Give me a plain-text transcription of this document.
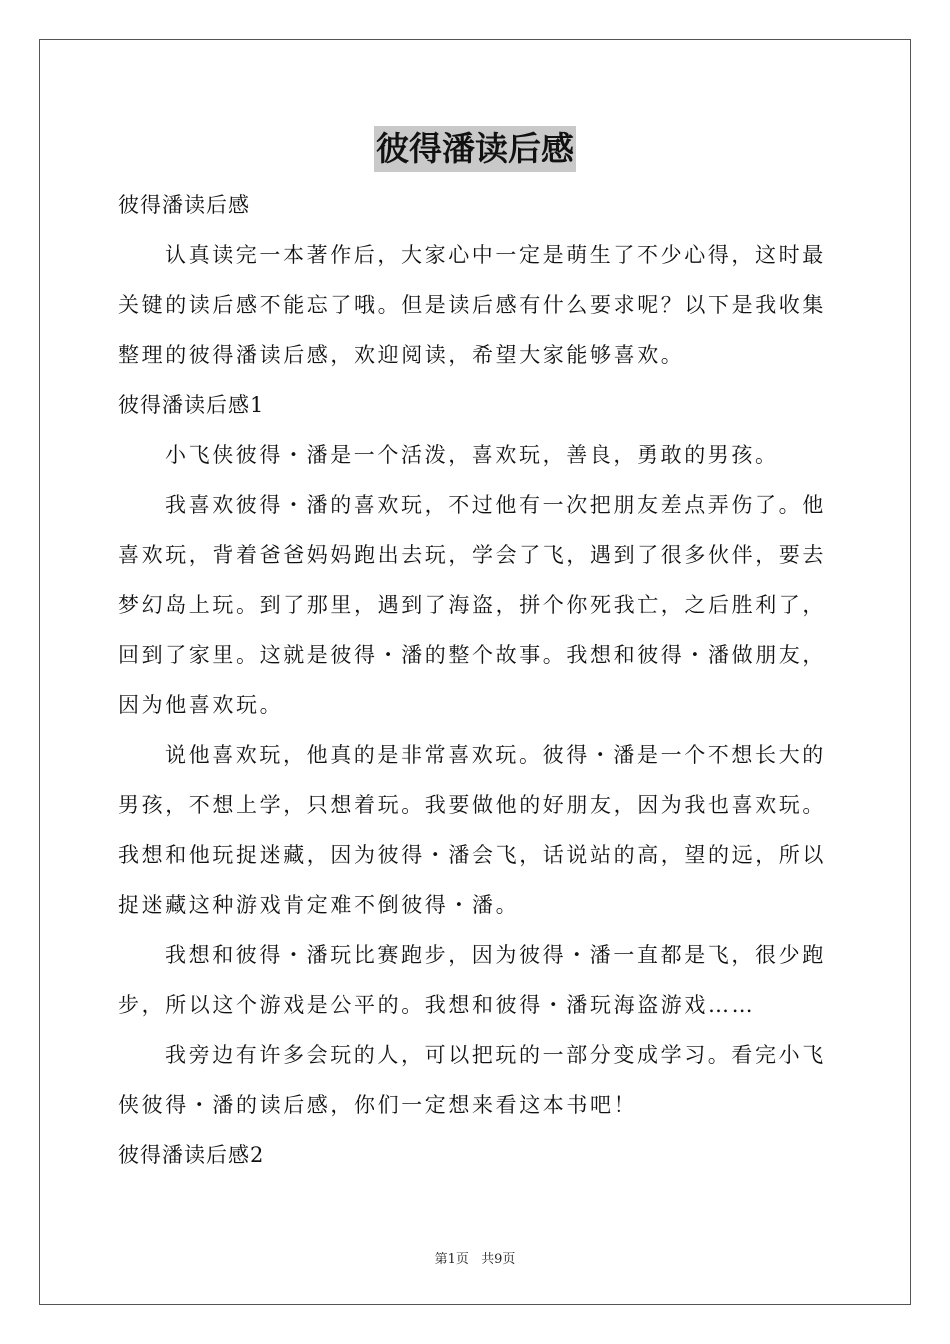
彼得潘读后感
彼得潘读后感
认真读完一本著作后，大家心中一定是萌生了不少心得，这时最
关键的读后感不能忘了哦。但是读后感有什么要求呢？以下是我收集
整理的彼得潘读后感，欢迎阅读，希望大家能够喜欢。
彼得潘读后感1
小飞侠彼得・潘是一个活泼，喜欢玩，善良，勇敢的男孩。
我喜欢彼得・潘的喜欢玩，不过他有一次把朋友差点弄伤了。他
喜欢玩，背着爸爸妈妈跑出去玩，学会了飞，遇到了很多伙伴，要去
梦幻岛上玩。到了那里，遇到了海盗，拼个你死我亡，之后胜利了，
回到了家里。这就是彼得・潘的整个故事。我想和彼得・潘做朋友，
因为他喜欢玩。
说他喜欢玩，他真的是非常喜欢玩。彼得・潘是一个不想长大的
男孩，不想上学，只想着玩。我要做他的好朋友，因为我也喜欢玩。
我想和他玩捉迷藏，因为彼得・潘会飞，话说站的高，望的远，所以
捉迷藏这种游戏肯定难不倒彼得・潘。
我想和彼得・潘玩比赛跑步，因为彼得・潘一直都是飞，很少跑
步，所以这个游戏是公平的。我想和彼得・潘玩海盗游戏……
我旁边有许多会玩的人，可以把玩的一部分变成学习。看完小飞
侠彼得・潘的读后感，你们一定想来看这本书吧！
彼得潘读后感2
第1页 共9页
